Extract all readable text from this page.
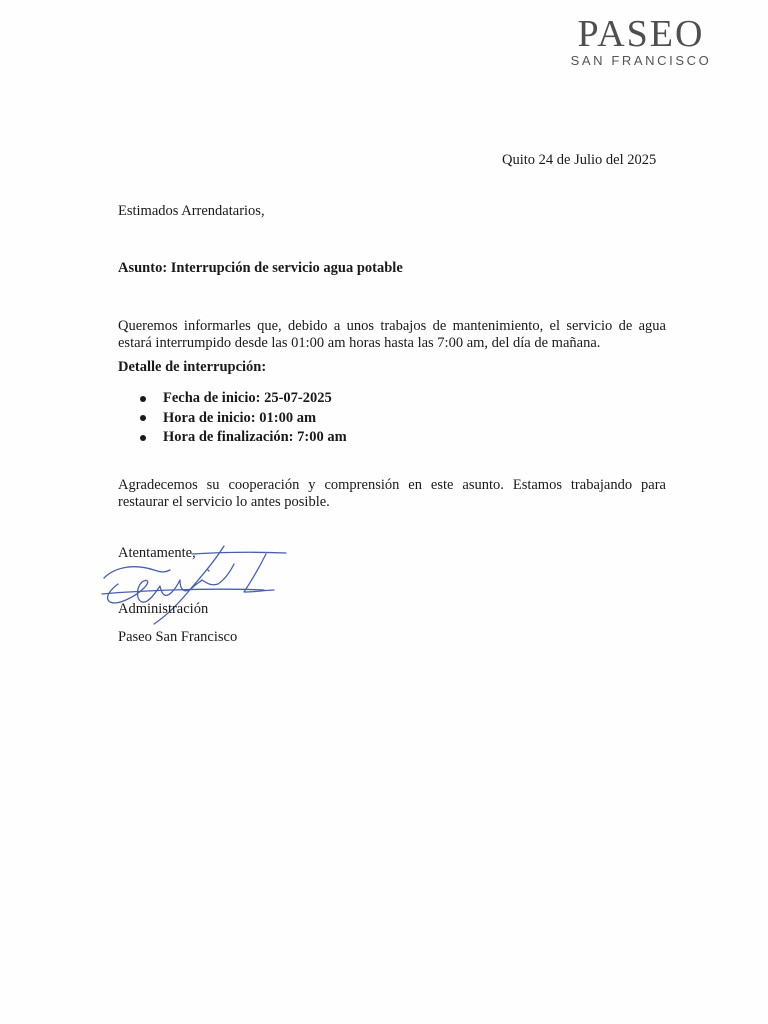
PASEO
SAN FRANCISCO
Quito 24 de Julio del 2025
Estimados Arrendatarios,
Asunto: Interrupción de servicio agua potable
Queremos informarles que, debido a unos trabajos de mantenimiento, el servicio de agua estará interrumpido desde las 01:00 am horas hasta las 7:00 am, del día de mañana.
Detalle de interrupción:
Fecha de inicio: 25-07-2025
Hora de inicio: 01:00 am
Hora de finalización: 7:00 am
Agradecemos su cooperación y comprensión en este asunto. Estamos trabajando para restaurar el servicio lo antes posible.
Atentamente,
Administración
Paseo San Francisco
